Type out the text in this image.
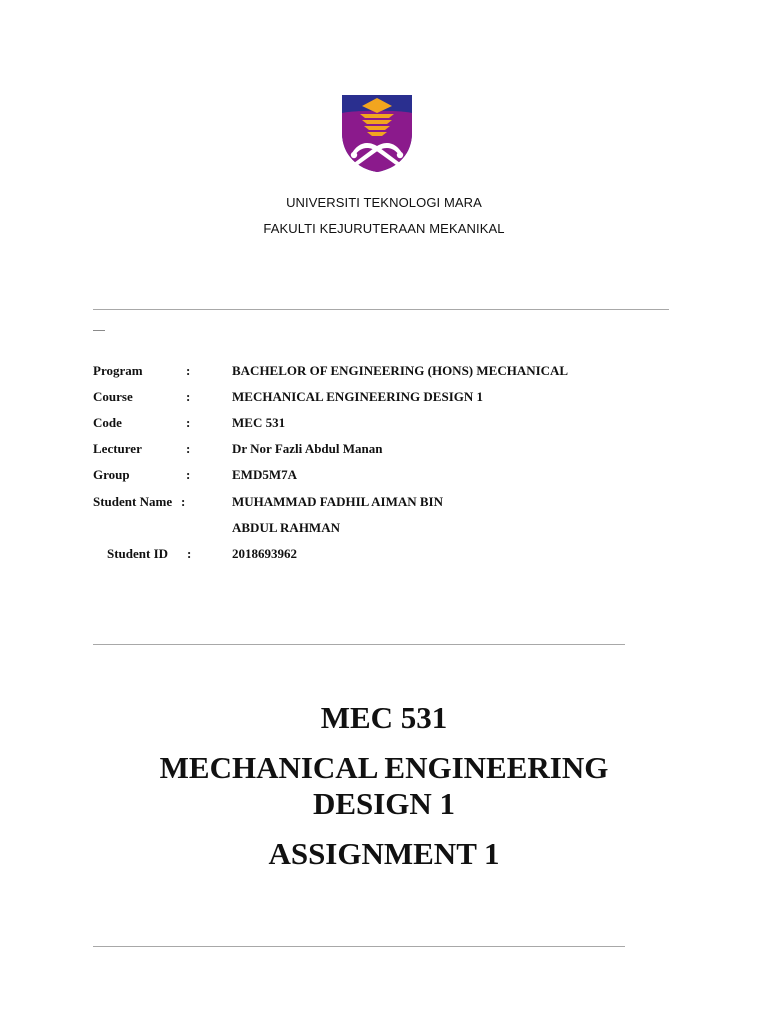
UNIVERSITI TEKNOLOGI MARA
FAKULTI KEJURUTERAAN MEKANIKAL
Program	:	BACHELOR OF ENGINEERING (HONS) MECHANICAL
Course	:	MECHANICAL ENGINEERING DESIGN 1
Code	:	MEC 531
Lecturer	:	Dr Nor Fazli Abdul Manan
Group	:	EMD5M7A
Student Name :	MUHAMMAD FADHIL AIMAN BIN
ABDUL RAHMAN
Student ID :	2018693962
MEC 531
MECHANICAL ENGINEERING
DESIGN 1
ASSIGNMENT 1
